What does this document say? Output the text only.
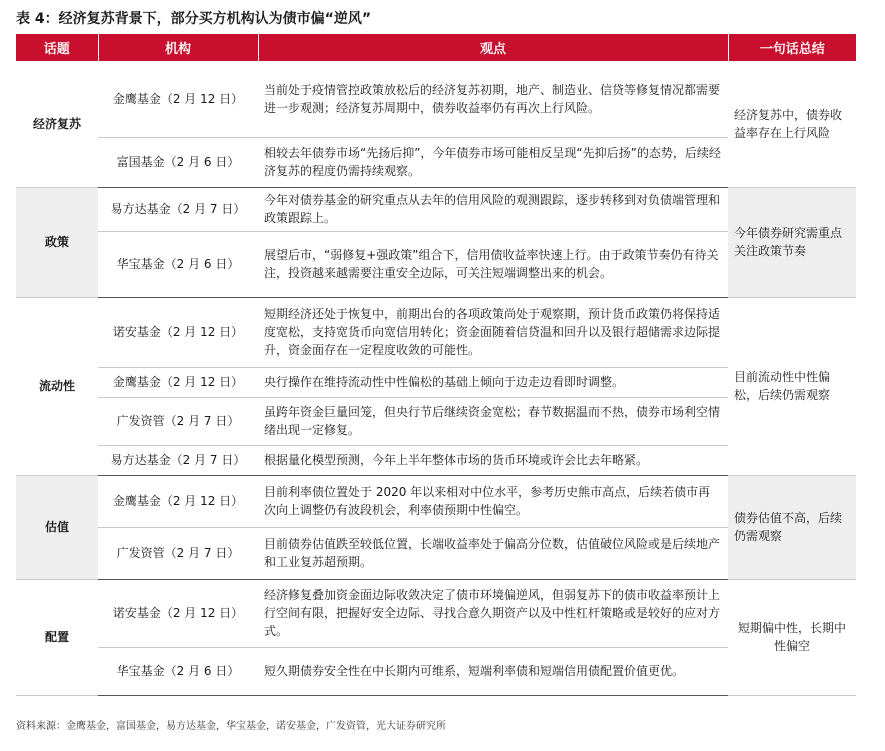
表 4：经济复苏背景下，部分买方机构认为债市偏“逆风”
话题	机构	观点	一句话总结
经济复苏	金鹰基金（2 月 12 日）	当前处于疫情管控政策放松后的经济复苏初期，地产、制造业、信贷等修复情况都需要进一步观测；经济复苏周期中，债券收益率仍有再次上行风险。	经济复苏中，债券收益率存在上行风险
	富国基金（2 月 6 日）	相较去年债券市场“先扬后抑”，今年债券市场可能相反呈现“先抑后扬”的态势，后续经济复苏的程度仍需持续观察。	
政策	易方达基金（2 月 7 日）	今年对债券基金的研究重点从去年的信用风险的观测跟踪，逐步转移到对负债端管理和政策跟踪上。	今年债券研究需重点关注政策节奏
	华宝基金（2 月 6 日）	展望后市，“弱修复+强政策”组合下，信用债收益率快速上行。由于政策节奏仍有待关注，投资越来越需要注重安全边际，可关注短端调整出来的机会。	
流动性	诺安基金（2 月 12 日）	短期经济还处于恢复中，前期出台的各项政策尚处于观察期，预计货币政策仍将保持适度宽松，支持宽货币向宽信用转化；资金面随着信贷温和回升以及银行超储需求边际提升，资金面存在一定程度收敛的可能性。	目前流动性中性偏松，后续仍需观察
	金鹰基金（2 月 12 日）	央行操作在维持流动性中性偏松的基础上倾向于边走边看即时调整。	
	广发资管（2 月 7 日）	虽跨年资金巨量回笼，但央行节后继续资金宽松；春节数据温而不热，债券市场利空情绪出现一定修复。	
	易方达基金（2 月 7 日）	根据量化模型预测，今年上半年整体市场的货币环境或许会比去年略紧。	
估值	金鹰基金（2 月 12 日）	目前利率债位置处于 2020 年以来相对中位水平，参考历史熊市高点，后续若债市再次向上调整仍有波段机会，利率债预期中性偏空。	债券估值不高，后续仍需观察
	广发资管（2 月 7 日）	目前债券估值跌至较低位置，长端收益率处于偏高分位数，估值破位风险或是后续地产和工业复苏超预期。	
配置	诺安基金（2 月 12 日）	经济修复叠加资金面边际收敛决定了债市环境偏逆风，但弱复苏下的债市收益率预计上行空间有限，把握好安全边际、寻找合意久期资产以及中性杠杆策略或是较好的应对方式。	短期偏中性，长期中性偏空
	华宝基金（2 月 6 日）	短久期债券安全性在中长期内可维系，短端利率债和短端信用债配置价值更优。	
资料来源：金鹰基金，富国基金，易方达基金，华宝基金，诺安基金，广发资管，光大证券研究所
